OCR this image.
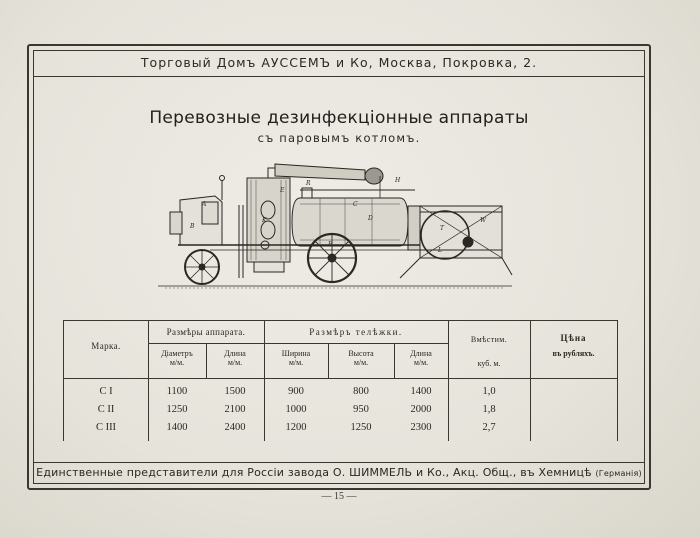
Торговый Домъ АУССЕМЪ и Ко, Москва, Покровка, 2.
Перевозные дезинфекцiонные аппараты
съ паровымъ котломъ.
A
B
K
E
R	H
C
D
T
L
F
W
Марка.
Размѣры аппарата.	Размѣръ телѣжки.
Дiаметръ
м/м.
Длина
м/м.
Ширина
м/м.
Высота
м/м.
Длина
м/м.
Вмѣстим.
куб. м.
Цѣна
въ рубляхъ.
С I	1100	1500	900	800	1400	1,0
С II	1250	2100	1000	950	2000	1,8
С III	1400	2400	1200	1250	2300	2,7
Единственные представители для Россiи завода О. ШИММЕЛЬ и Ко., Акц. Общ., въ Хемницѣ (Германiя)
— 15 —
